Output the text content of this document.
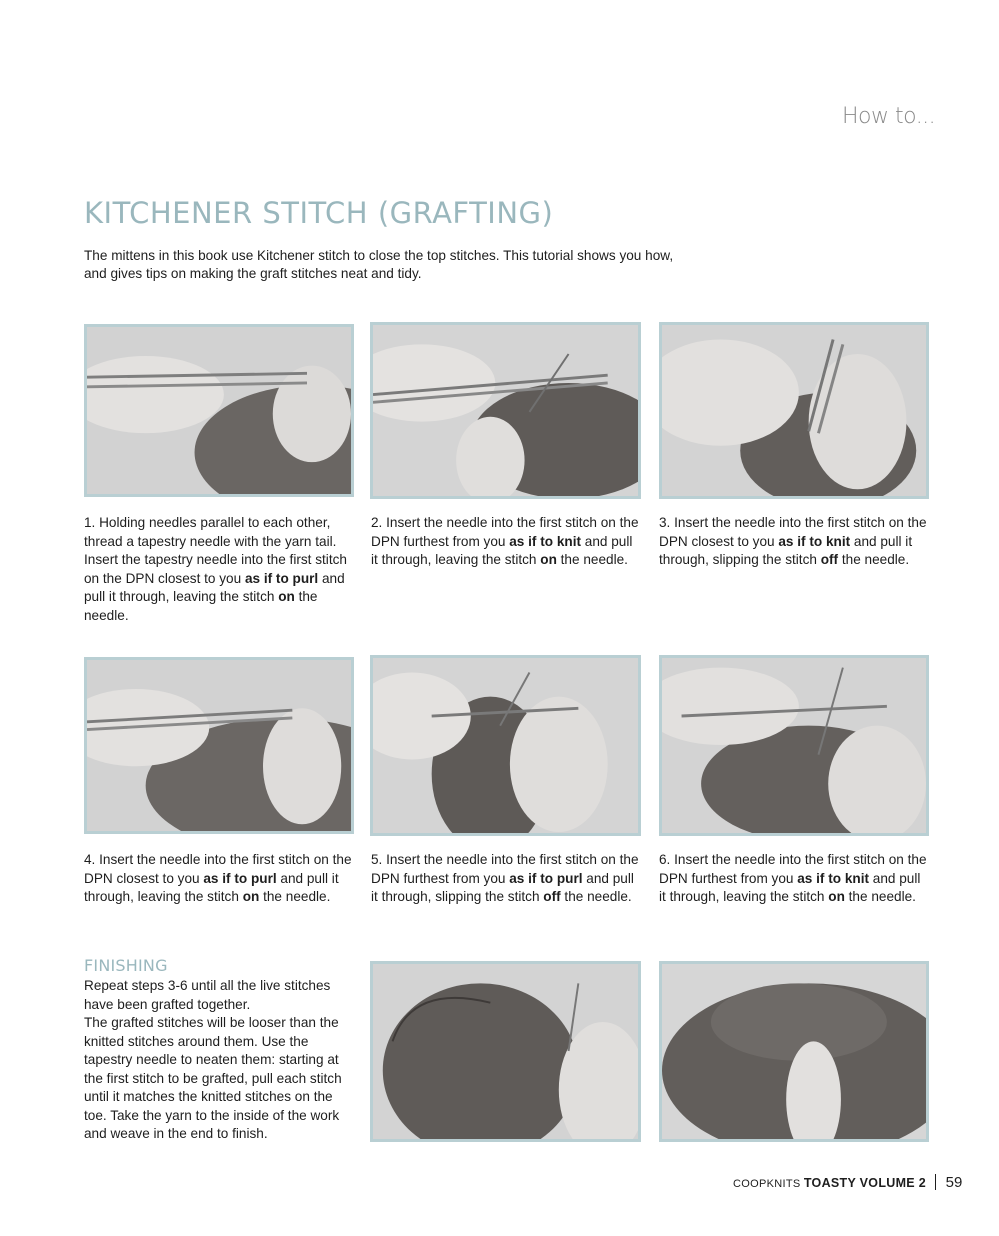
How to...
KITCHENER STITCH (GRAFTING)
The mittens in this book use Kitchener stitch to close the top stitches. This tutorial shows you how, and gives tips on making the graft stitches neat and tidy.
1. Holding needles parallel to each other, thread a tapestry needle with the yarn tail. Insert the tapestry needle into the first stitch on the DPN closest to you as if to purl and pull it through, leaving the stitch on the needle.
2. Insert the needle into the first stitch on the DPN furthest from you as if to knit and pull it through, leaving the stitch on the needle.
3. Insert the needle into the first stitch on the DPN closest to you as if to knit and pull it through, slipping the stitch off the needle.
4. Insert the needle into the first stitch on the DPN closest to you as if to purl and pull it through, leaving the stitch on the needle.
5. Insert the needle into the first stitch on the DPN furthest from you as if to purl and pull it through, slipping the stitch off the needle.
6. Insert the needle into the first stitch on the DPN furthest from you as if to knit and pull it through, leaving the stitch on the needle.
FINISHING
Repeat steps 3-6 until all the live stitches have been grafted together.
The grafted stitches will be looser than the knitted stitches around them. Use the tapestry needle to neaten them: starting at the first stitch to be grafted, pull each stitch until it matches the knitted stitches on the toe. Take the yarn to the inside of the work and weave in the end to finish.
COOPKNITS TOASTY VOLUME 2 59
